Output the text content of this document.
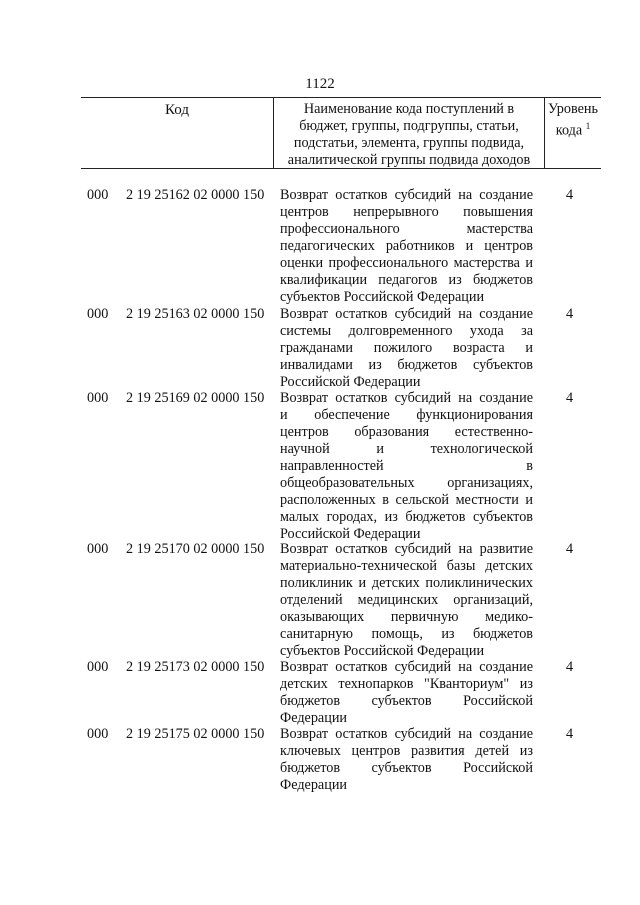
1122
Код	Наименование кода поступлений в
бюджет, группы, подгруппы, статьи,
подстатьи, элемента, группы подвида,
аналитической группы подвида доходов
Уровень
кода $^1$
000 2 19 25162 02 0000 150 Возврат остатков субсидий на создание
центров непрерывного повышения
профессионального мастерства
педагогических работников и центров
оценки профессионального мастерства и
квалификации педагогов из бюджетов
субъектов Российской Федерации
4
000 2 19 25163 02 0000 150 Возврат остатков субсидий на создание
системы долговременного ухода за
гражданами пожилого возраста и
инвалидами из бюджетов субъектов
Российской Федерации
4
000 2 19 25169 02 0000 150 Возврат остатков субсидий на создание
и обеспечение функционирования
центров образования естественно-
научной и технологической
направленностей в
общеобразовательных организациях,
расположенных в сельской местности и
малых городах, из бюджетов субъектов
Российской Федерации
4
000 2 19 25170 02 0000 150 Возврат остатков субсидий на развитие
материально-технической базы детских
поликлиник и детских поликлинических
отделений медицинских организаций,
оказывающих первичную медико-
санитарную помощь, из бюджетов
субъектов Российской Федерации
4
000 2 19 25173 02 0000 150 Возврат остатков субсидий на создание
детских технопарков "Кванториум" из
бюджетов субъектов Российской
Федерации
4
000 2 19 25175 02 0000 150 Возврат остатков субсидий на создание
ключевых центров развития детей из
бюджетов субъектов Российской
Федерации
4
